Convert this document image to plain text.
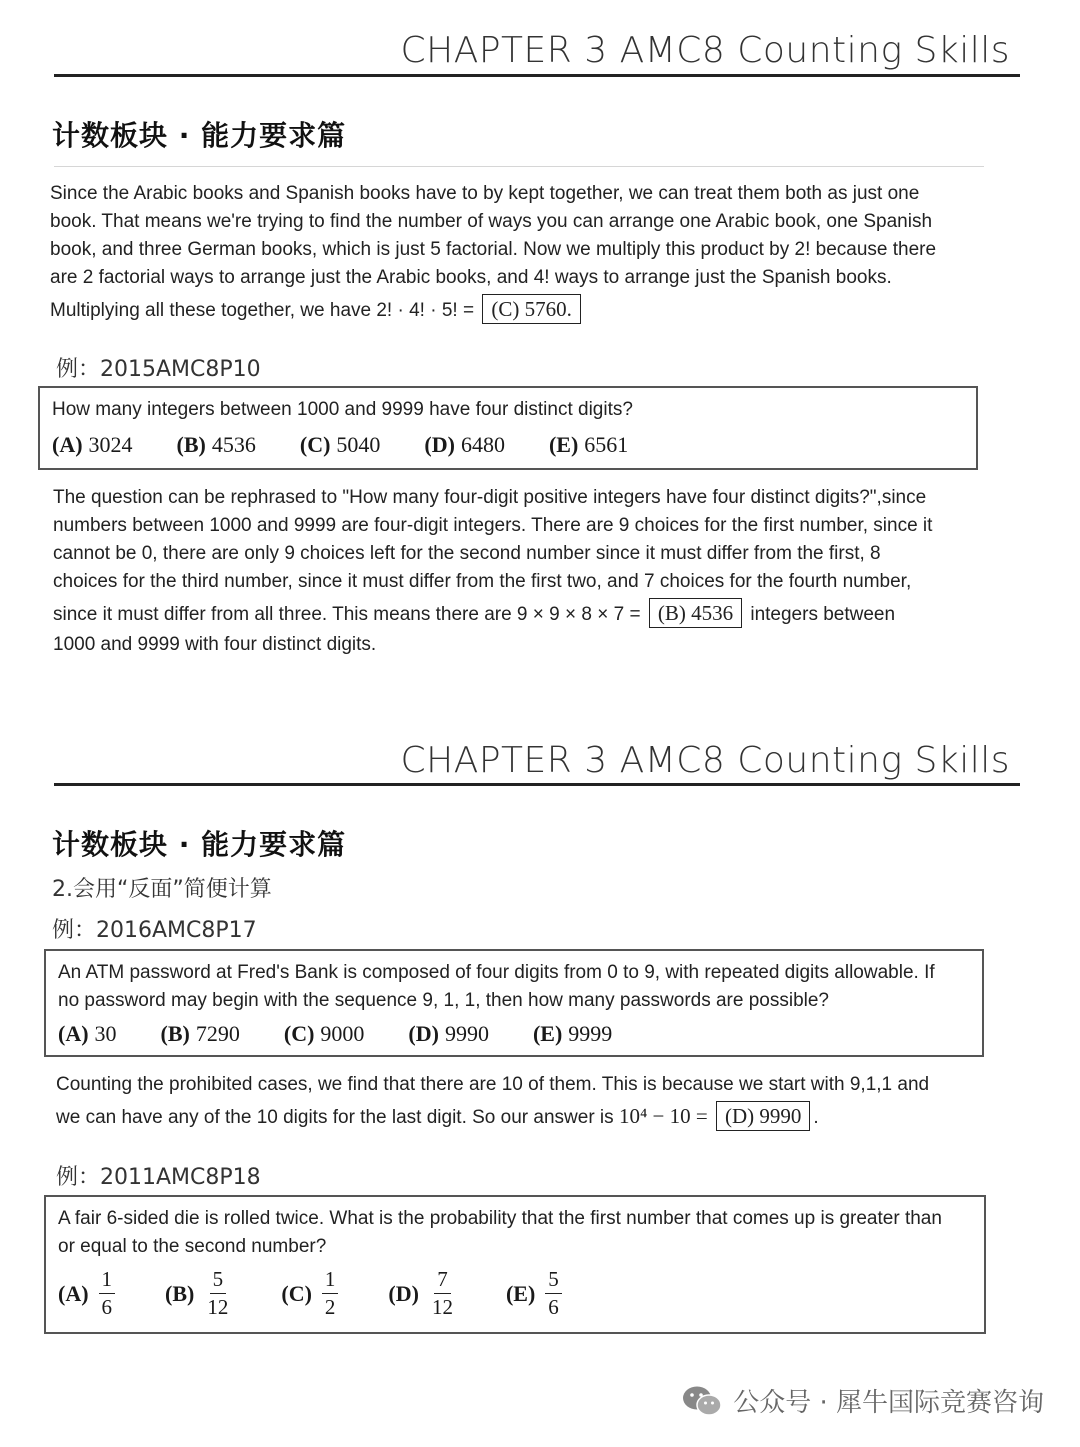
CHAPTER 3 AMC8 Counting Skills
计数板块 · 能力要求篇
Since the Arabic books and Spanish books have to by kept together, we can treat them both as just one
book. That means we're trying to find the number of ways you can arrange one Arabic book, one Spanish
book, and three German books, which is just 5 factorial. Now we multiply this product by 2! because there
are 2 factorial ways to arrange just the Arabic books, and 4! ways to arrange just the Spanish books.
Multiplying all these together, we have 2! · 4! · 5! = (C) 5760.
例：2015AMC8P10
How many integers between 1000 and 9999 have four distinct digits?
(A) 3024 (B) 4536 (C) 5040 (D) 6480 (E) 6561
The question can be rephrased to "How many four-digit positive integers have four distinct digits?",since
numbers between 1000 and 9999 are four-digit integers. There are 9 choices for the first number, since it
cannot be 0, there are only 9 choices left for the second number since it must differ from the first, 8
choices for the third number, since it must differ from the first two, and 7 choices for the fourth number,
since it must differ from all three. This means there are 9 × 9 × 8 × 7 = (B) 4536 integers between
1000 and 9999 with four distinct digits.
CHAPTER 3 AMC8 Counting Skills
计数板块 · 能力要求篇
2.会用“反面”简便计算
例：2016AMC8P17
An ATM password at Fred's Bank is composed of four digits from 0 to 9, with repeated digits allowable. If
no password may begin with the sequence 9, 1, 1, then how many passwords are possible?
(A) 30 (B) 7290 (C) 9000 (D) 9990 (E) 9999
Counting the prohibited cases, we find that there are 10 of them. This is because we start with 9,1,1 and
we can have any of the 10 digits for the last digit. So our answer is 10⁴ − 10 = (D) 9990 .
例：2011AMC8P18
A fair 6-sided die is rolled twice. What is the probability that the first number that comes up is greater than
or equal to the second number?
$(A) \frac{1}{6} (B) \frac{5}{12} (C) \frac{1}{2} (D) \frac{7}{12} (E) \frac{5}{6}$
公众号 · 犀牛国际竞赛咨询
